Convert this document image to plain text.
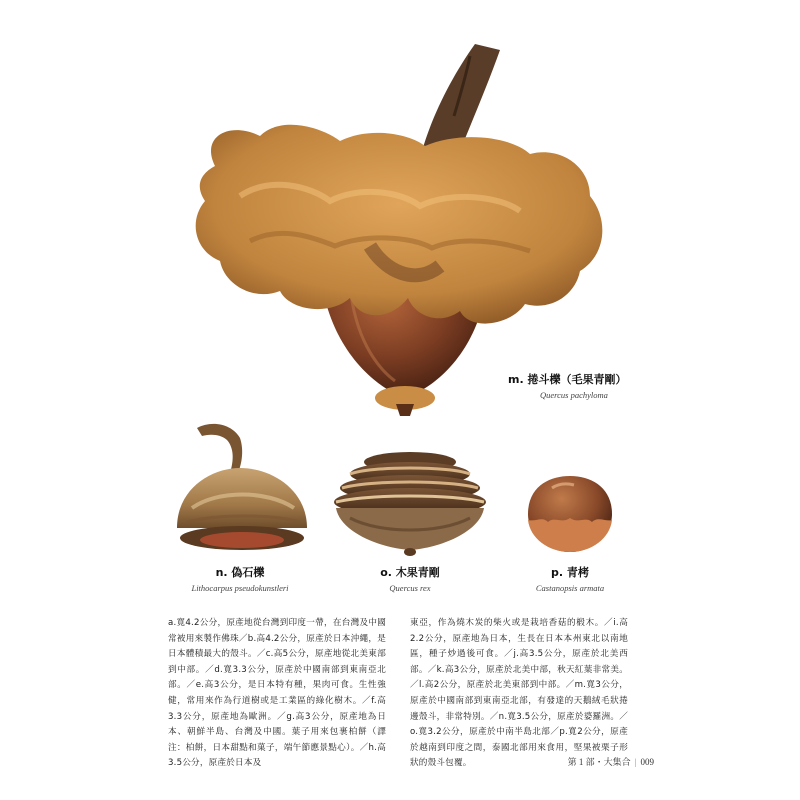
m. 捲斗櫟（毛果青剛）
Quercus pachyloma
n. 偽石櫟
Lithocarpus pseudokunstleri
o. 木果青剛
Quercus rex
p. 青栲
Castanopsis armata
a.寬4.2公分，原產地從台灣到印度一帶，在台灣及中國常被用來製作佛珠／b.高4.2公分，原產於日本沖繩，是日本體積最大的殼斗。／c.高5公分，原產地從北美東部到中部。／d.寬3.3公分，原產於中國南部到東南亞北部。／e.高3公分，是日本特有種，果肉可食。生性強健，常用來作為行道樹或是工業區的綠化樹木。／f.高3.3公分，原產地為歐洲。／g.高3公分，原產地為日本、朝鮮半島、台灣及中國。葉子用來包裹柏餅（譯注：柏餅，日本甜點和菓子，端午節應景點心）。／h.高3.5公分，原產於日本及
東亞，作為燒木炭的柴火或是栽培香菇的椴木。／i.高2.2公分，原產地為日本，生長在日本本州東北以南地區，種子炒過後可食。／j.高3.5公分，原產於北美西部。／k.高3公分，原產於北美中部，秋天紅葉非常美。／l.高2公分，原產於北美東部到中部。／m.寬3公分，原產於中國南部到東南亞北部，有發達的天鵝絨毛狀捲邊殼斗，非常特別。／n.寬3.5公分，原產於婆羅洲。／o.寬3.2公分，原產於中南半島北部／p.寬2公分，原產於越南到印度之間，泰國北部用來食用，堅果被栗子形狀的殼斗包覆。	第 1 部・大集合 | 009
